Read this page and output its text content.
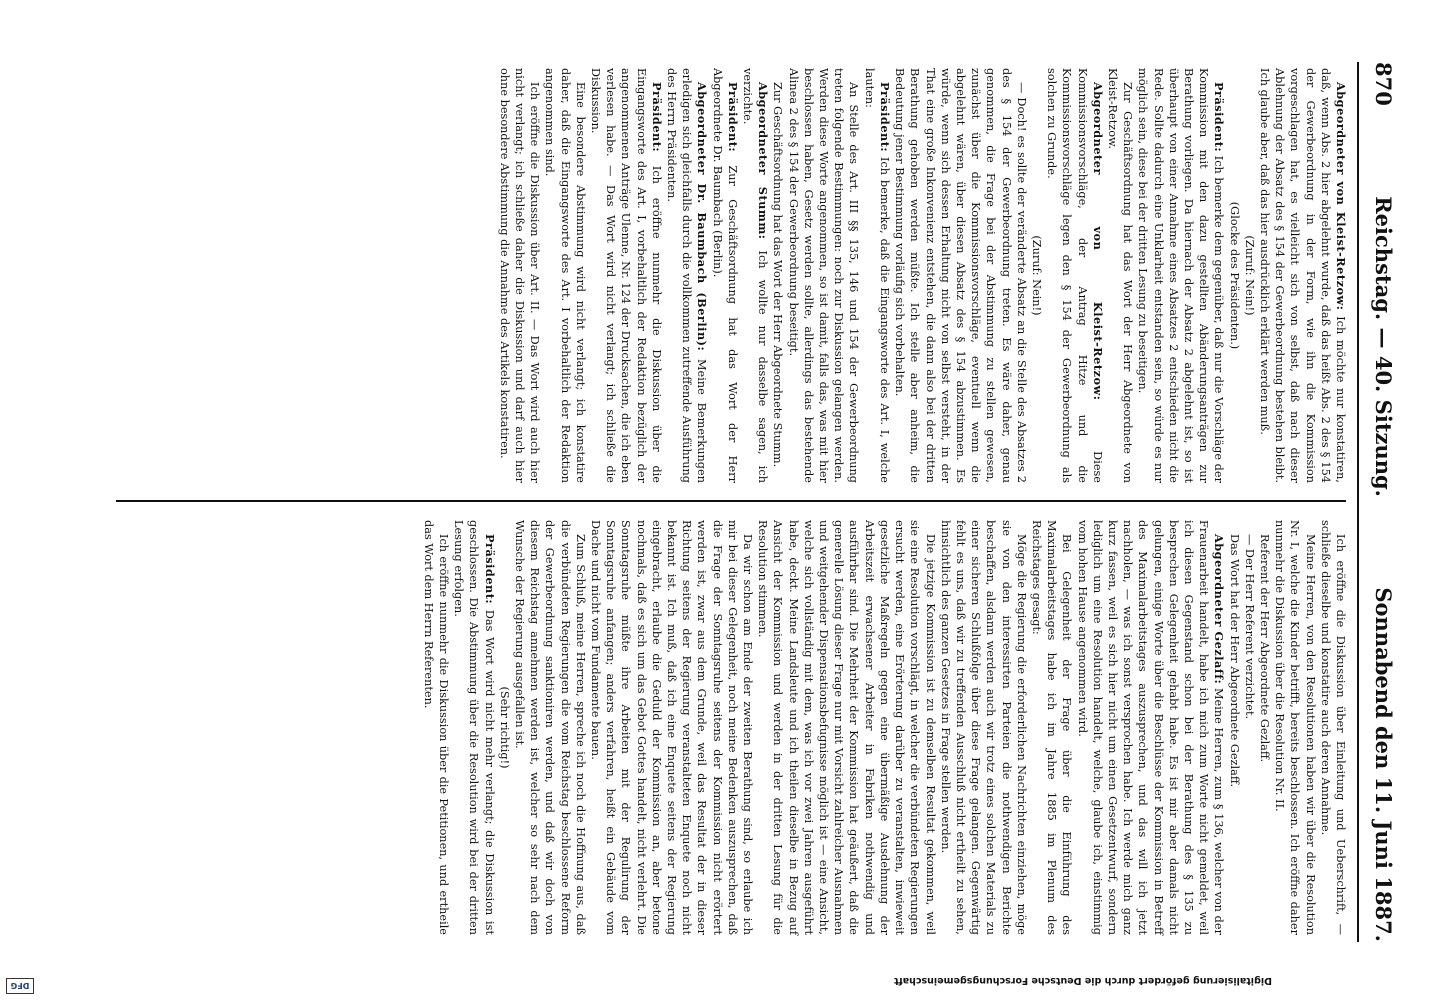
870
Reichstag. — 40. Sitzung.
Sonnabend den 11. Juni 1887.

Abgeordneter von Kleist-Retzow: Ich möchte nur konstatiren, daß, wenn Abs. 2 hier abgelehnt wurde, daß das heißt Abs. 2 des § 154 der Gewerbeordnung in der Form, wie ihn die Kommission vorgeschlagen hat, es vielleicht sich von selbst, daß nach dieser Ablehnung der Absatz des § 154 der Gewerbeordnung bestehen bleibt. Ich glaube aber, daß das hier ausdrücklich erklärt werden muß.

(Zuruf: Nein!)

(Glocke des Präsidenten.)

Präsident: Ich bemerke dem gegenüber, daß nur die Vorschläge der Kommission mit den dazu gestellten Abänderungsanträgen zur Berathung vorliegen. Da hiernach der Absatz 2 abgelehnt ist, so ist überhaupt von einer Annahme eines Absatzes 2 entschieden nicht die Rede. Sollte dadurch eine Unklarheit entstanden sein, so würde es nur möglich sein, diese bei der dritten Lesung zu beseitigen.

Zur Geschäftsordnung hat das Wort der Herr Abgeordnete von Kleist-Retzow.

Abgeordneter von Kleist-Retzow: Diese Kommissionsvorschläge, der Antrag Hitze und die Kommissionsvorschläge legen den § 154 der Gewerbeordnung als solchen zu Grunde.

(Zuruf: Nein!)

— Doch! es sollte der veränderte Absatz an die Stelle des Absatzes 2 des § 154 der Gewerbeordnung treten. Es wäre daher, genau genommen, die Frage bei der Abstimmung zu stellen gewesen, zunächst über die Kommissionsvorschläge, eventuell wenn die abgelehnt wären, über diesen Absatz des § 154 abzustimmen. Es würde, wenn sich dessen Erhaltung nicht von selbst versteht, in der That eine große Inkonvenienz entstehen, die dann also bei der dritten Berathung gehoben werden müßte. Ich stelle aber anheim, die Bedeutung jener Bestimmung vorläufig sich vorbehalten.

Präsident: Ich bemerke, daß die Eingangsworte des Art. I, welche lauten:

An Stelle des Art. III §§ 135, 146 und 154 der Gewerbeordnung treten folgende Bestimmungen: noch zur Diskussion gelangen werden. Werden diese Worte angenommen, so ist damit, falls das, was mit hier beschlossen haben, Gesetz werden sollte, allerdings das bestehende Alinea 2 des § 154 der Gewerbeordnung beseitigt.

Zur Geschäftsordnung hat das Wort der Herr Abgeordnete Stumm.

Abgeordneter Stumm: Ich wollte nur dasselbe sagen, ich verzichte.

Präsident: Zur Geschäftsordnung hat das Wort der Herr Abgeordnete Dr. Baumbach (Berlin).

Abgeordneter Dr. Baumbach (Berlin): Meine Bemerkungen erledigen sich gleichfalls durch die vollkommen zutreffende Ausführung des Herrn Präsidenten.

Präsident: Ich eröffne nunmehr die Diskussion über die Eingangsworte des Art. I, vorbehaltlich der Redaktion bezüglich der angenommenen Anträge Ulenne, Nr. 124 der Drucksachen, die ich eben verlesen habe. — Das Wort wird nicht verlangt; ich schließe die Diskussion.

Eine besondere Abstimmung wird nicht verlangt; ich konstatire daher, daß die Eingangsworte des Art. I vorbehaltlich der Redaktion angenommen sind.

Ich eröffne die Diskussion über Art. II. — Das Wort wird auch hier nicht verlangt; ich schließe daher die Diskussion und darf auch hier ohne besondere Abstimmung die Annahme des Artikels konstatiren.

Ich eröffne die Diskussion über Einleitung und Ueberschrift, — schließe dieselbe und konstatire auch deren Annahme.

Meine Herren, von den Resolutionen haben wir über die Resolution Nr. I, welche die Kinder betrifft, bereits beschlossen. Ich eröffne daher nunmehr die Diskussion über die Resolution Nr. II.

Referent der Herr Abgeordnete Gezlaff.

— Der Herr Referent verzichtet.

Das Wort hat der Herr Abgeordnete Gezlaff.

Abgeordneter Gezlaff: Meine Herren, zum § 136, welcher von der Frauenarbeit handelt, habe ich mich zum Worte nicht gemeldet, weil ich diesen Gegenstand schon bei der Berathung des § 135 zu besprechen Gelegenheit gehabt habe. Es ist mir aber damals nicht gelungen, einige Worte über die Beschlüsse der Kommission in Betreff des Maximalarbeitstages auszusprechen, und das will ich jetzt nachholen, — was ich sonst versprochen habe. Ich werde mich ganz kurz fassen, weil es sich hier nicht um einen Gesetzentwurf, sondern lediglich um eine Resolution handelt, welche, glaube ich, einstimmig vom hohen Hause angenommen wird.

Bei Gelegenheit der Frage über die Einführung des Maximalarbeitstages habe ich im Jahre 1885 im Plenum des Reichstages gesagt:

Möge die Regierung die erforderlichen Nachrichten einziehen, möge sie von den interessirten Parteien die nothwendigen Berichte beschaffen, alsdann werden auch wir trotz eines solchen Materials zu einer sicheren Schlußfolge über diese Frage gelangen. Gegenwärtig fehlt es uns, daß wir zu treffenden Ausschluß nicht ertheilt zu sehen, hinsichtlich des ganzen Gesetzes in Frage stellen werden.

Die jetzige Kommission ist zu demselben Resultat gekommen, weil sie eine Resolution vorschlägt, in welcher die verbündeten Regierungen ersucht werden, eine Erörterung darüber zu veranstalten, inwieweit gesetzliche Maßregeln gegen eine übermäßige Ausdehnung der Arbeitszeit erwachsener Arbeiter in Fabriken nothwendig und ausführbar sind. Die Mehrheit der Kommission hat geäußert, daß die generelle Lösung dieser Frage nur mit Vorsicht zahlreicher Ausnahmen und weitgehender Dispensationsbefugnisse möglich ist — eine Ansicht, welche sich vollständig mit dem, was ich vor zwei Jahren ausgeführt habe, deckt. Meine Landsleute und ich theilen dieselbe in Bezug auf Ansicht der Kommission und werden in der dritten Lesung für die Resolution stimmen.

Da wir schon am Ende der zweiten Berathung sind, so erlaube ich mir bei dieser Gelegenheit, noch meine Bedenken auszusprechen, daß die Frage der Sonntagsruhe seitens der Kommission nicht erörtert werden ist, zwar aus dem Grunde, weil das Resultat der in dieser Richtung seitens der Regierung veranstalteten Enquete noch nicht bekannt ist. Ich muß, daß ich eine Enquete seitens der Regierung eingebracht, erlaube die Geduld der Kommission an, aber betone nochmals, daß es sich um das Gebot Gottes handelt, nicht verlehrt. Die Sonntagsruhe müßte ihre Arbeiten mit der Regulirung der Sonntagsruhe anfangen; anders verfahren, heißt ein Gebäude vom Dache und nicht vom Fundamente bauen.

Zum Schluß, meine Herren, spreche ich noch die Hoffnung aus, daß die verbündeten Regierungen die vom Reichstag beschlossene Reform der Gewerbeordnung sanktioniren werden, und daß wir doch von diesem Reichstag annehmen werden ist, welcher so sehr nach dem Wunsche der Regierung ausgefallen ist.

(Sehr richtig!)

Präsident: Das Wort wird nicht mehr verlangt; die Diskussion ist geschlossen. Die Abstimmung über die Resolution wird bei der dritten Lesung erfolgen.

Ich eröffne nunmehr die Diskussion über die Petitionen, und ertheile das Wort dem Herrn Referenten.

Digitalisierung gefördert durch die Deutsche Forschungsgemeinschaft
DFG
